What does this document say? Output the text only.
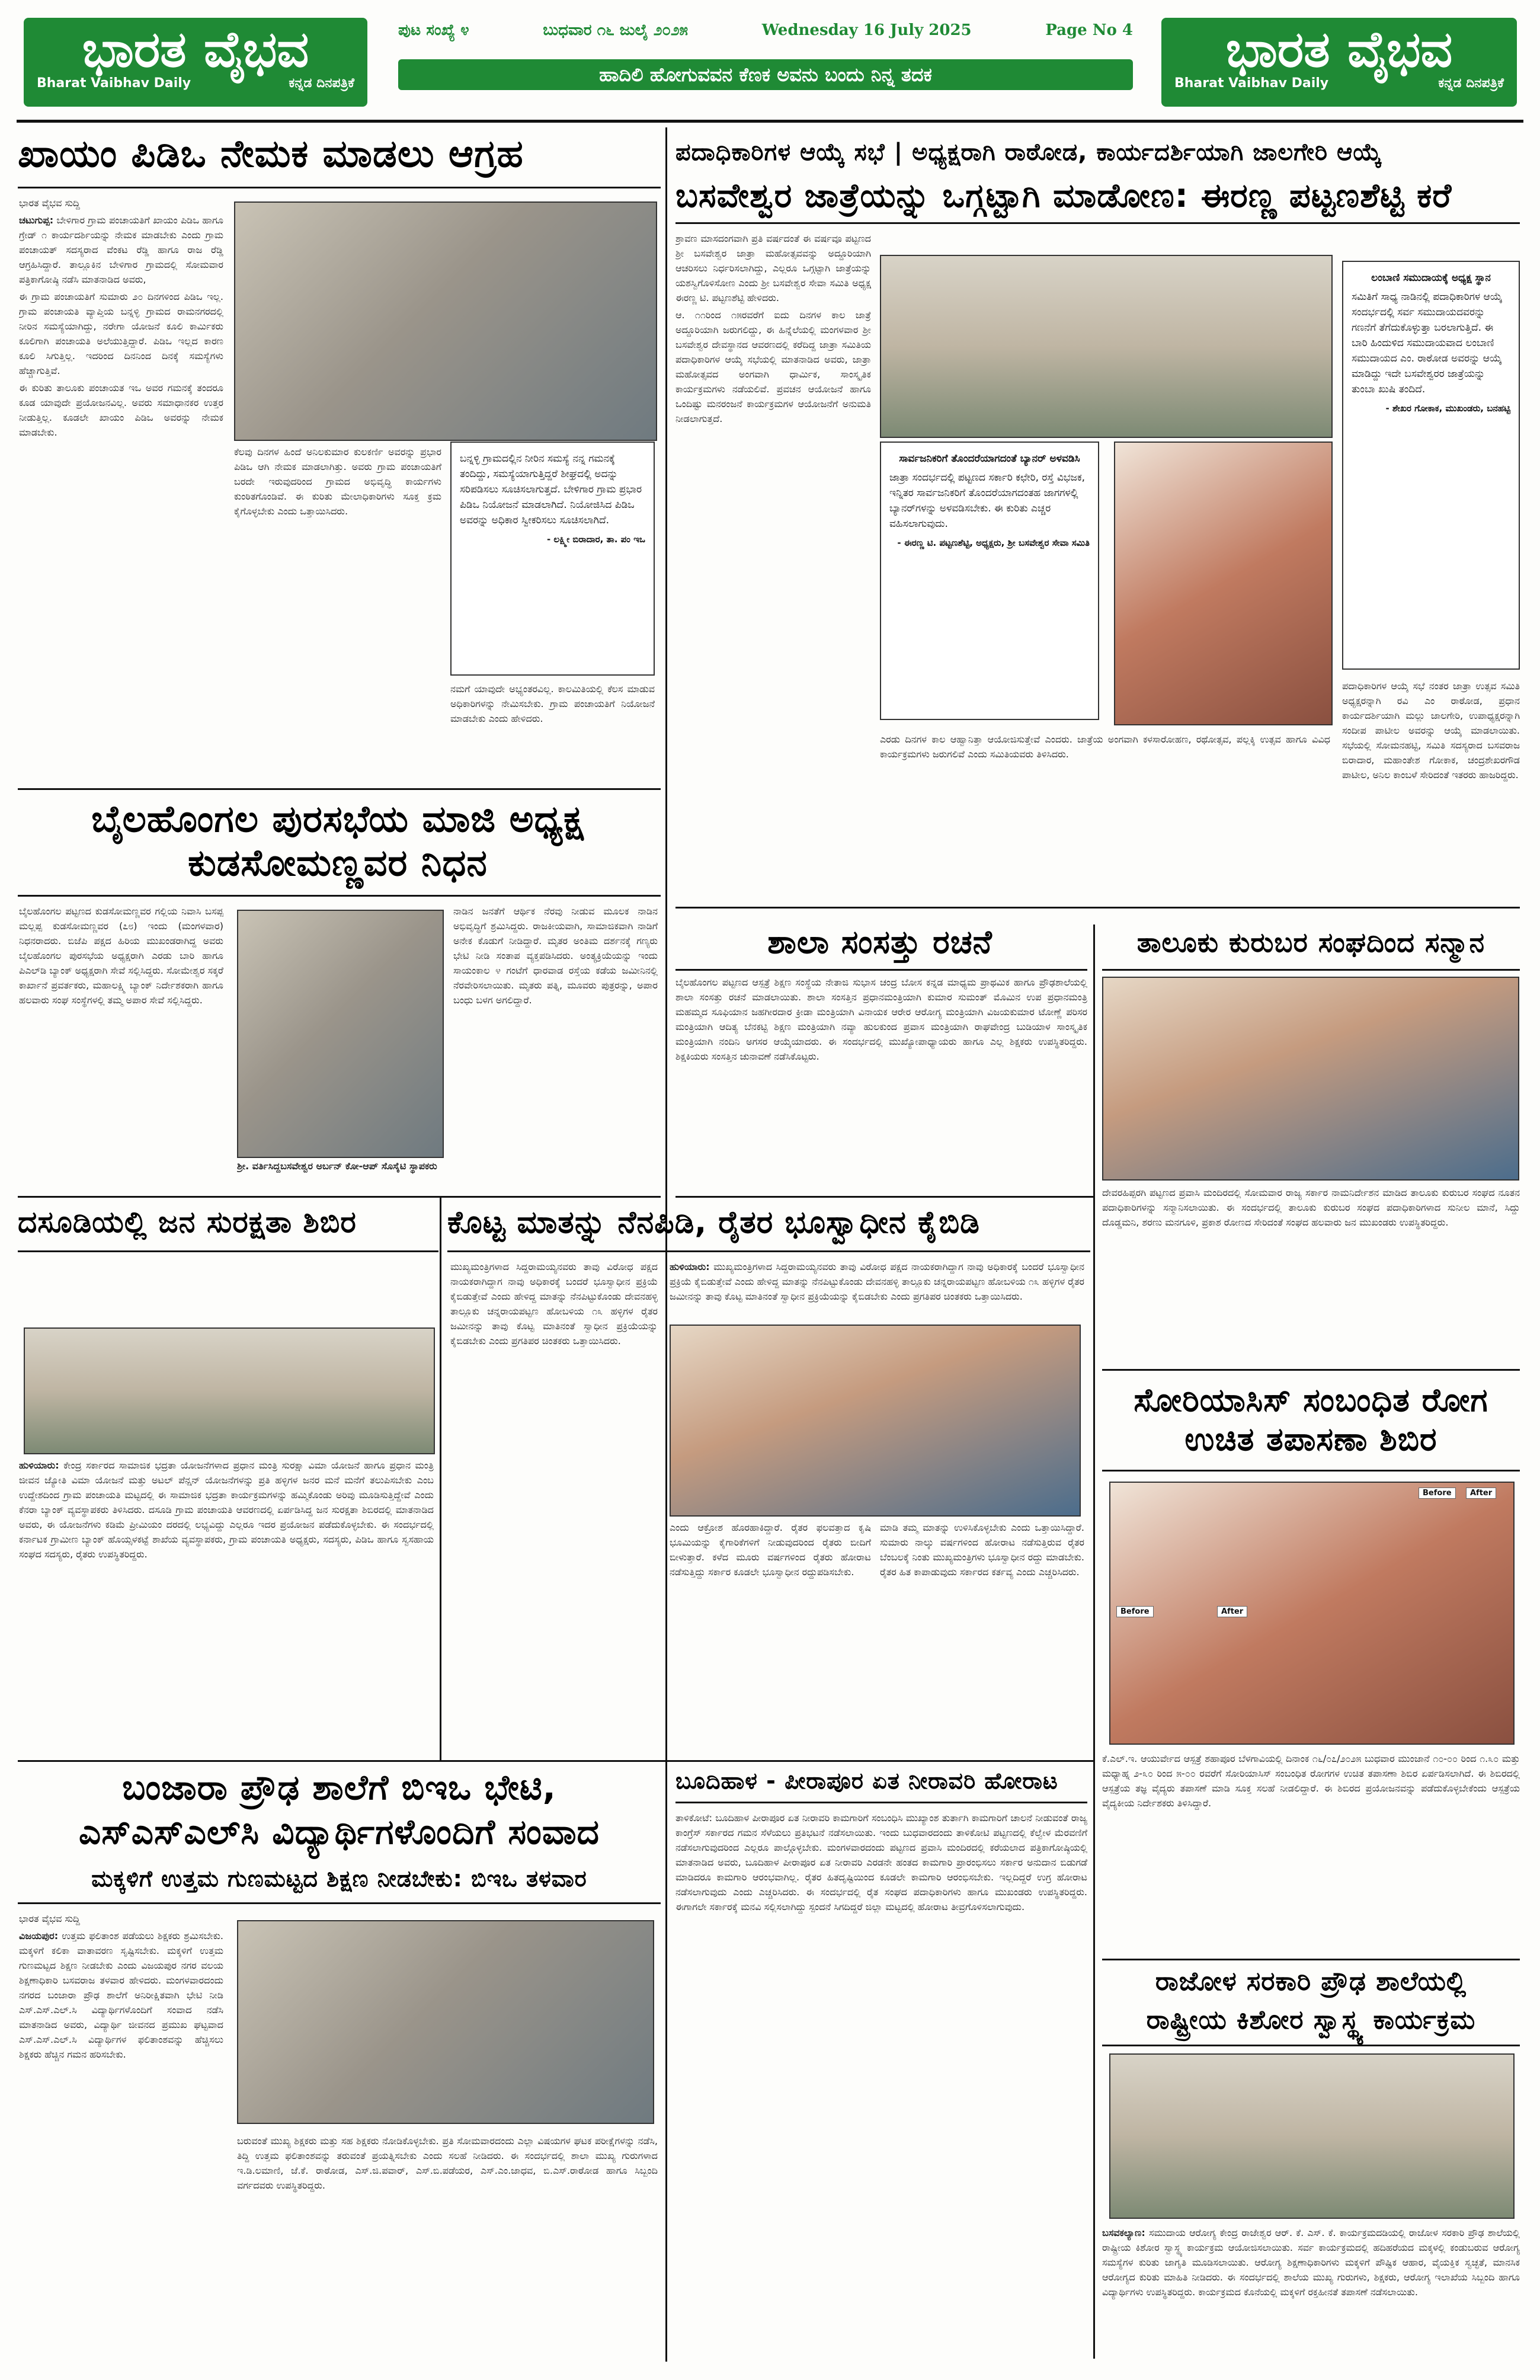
ಭಾರತ ವೈಭವ
Bharat Vaibhav Daily	ಕನ್ನಡ ದಿನಪತ್ರಿಕೆ
ಭಾರತ ವೈಭವ
Bharat Vaibhav Daily	ಕನ್ನಡ ದಿನಪತ್ರಿಕೆ
ಪುಟ ಸಂಖ್ಯೆ ೪	ಬುಧವಾರ ೧೬ ಜುಲೈ ೨೦೨೫	Wednesday 16 July 2025	Page No 4
ಹಾದಿಲಿ ಹೋಗುವವನ ಕೆಣಕ ಅವನು ಬಂದು ನಿನ್ನ ತದಕ
ಖಾಯಂ ಪಿಡಿಒ ನೇಮಕ ಮಾಡಲು ಆಗ್ರಹ

ಭಾರತ ವೈಭವ ಸುದ್ದಿ

ಚಟುಗುಪ್ಪ: ಬೇಳಿಗಾರ ಗ್ರಾಮ ಪಂಚಾಯತಿಗೆ ಖಾಯಂ ಪಿಡಿಒ ಹಾಗೂ ಗ್ರೇಡ್ ೧ ಕಾರ್ಯದರ್ಶಿಯನ್ನು ನೇಮಕ ಮಾಡಬೇಕು ಎಂದು ಗ್ರಾಮ ಪಂಚಾಯತ್ ಸದಸ್ಯರಾದ ವೆಂಕಟ ರೆಡ್ಡಿ ಹಾಗೂ ರಾಜ ರೆಡ್ಡಿ ಆಗ್ರಹಿಸಿದ್ದಾರೆ. ತಾಲ್ಲೂಕಿನ ಬೇಳಿಗಾರ ಗ್ರಾಮದಲ್ಲಿ ಸೋಮವಾರ ಪತ್ರಿಕಾಗೋಷ್ಠಿ ನಡೆಸಿ ಮಾತನಾಡಿದ ಅವರು,

ಈ ಗ್ರಾಮ ಪಂಚಾಯತಿಗೆ ಸುಮಾರು ೨೦ ದಿನಗಳಿಂದ ಪಿಡಿಒ ಇಲ್ಲ. ಗ್ರಾಮ ಪಂಚಾಯತಿ ವ್ಯಾಪ್ತಿಯ ಬನ್ನಳ್ಳಿ ಗ್ರಾಮದ ರಾಮನಗರದಲ್ಲಿ ನೀರಿನ ಸಮಸ್ಯೆಯಾಗಿದ್ದು, ನರೇಗಾ ಯೋಜನೆ ಕೂಲಿ ಕಾರ್ಮಿಕರು ಕೂಲಿಗಾಗಿ ಪಂಚಾಯತಿ ಅಲೆಯುತ್ತಿದ್ದಾರೆ. ಪಿಡಿಒ ಇಲ್ಲದ ಕಾರಣ ಕೂಲಿ ಸಿಗುತ್ತಿಲ್ಲ. ಇದರಿಂದ ದಿನನಿಂದ ದಿನಕ್ಕೆ ಸಮಸ್ಯೆಗಳು ಹೆಚ್ಚಾಗುತ್ತಿವೆ.

ಈ ಕುರಿತು ತಾಲೂಕು ಪಂಚಾಯತ ಇಒ ಅವರ ಗಮನಕ್ಕೆ ತಂದರೂ ಕೂಡ ಯಾವುದೇ ಪ್ರಯೋಜನವಿಲ್ಲ. ಅವರು ಸಮಾಧಾನಕರ ಉತ್ತರ ನೀಡುತ್ತಿಲ್ಲ. ಕೂಡಲೇ ಖಾಯಂ ಪಿಡಿಒ ಅವರನ್ನು ನೇಮಕ ಮಾಡಬೇಕು.

ಕೆಲವು ದಿನಗಳ ಹಿಂದೆ ಅನಿಲಕುಮಾರ ಕುಲಕರ್ಣಿ ಅವರನ್ನು ಪ್ರಭಾರ ಪಿಡಿಒ ಆಗಿ ನೇಮಕ ಮಾಡಲಾಗಿತ್ತು. ಅವರು ಗ್ರಾಮ ಪಂಚಾಯತಿಗೆ ಬರದೇ ಇರುವುದರಿಂದ ಗ್ರಾಮದ ಅಭಿವೃದ್ಧಿ ಕಾರ್ಯಗಳು ಕುಂಠಿತಗೊಂಡಿವೆ. ಈ ಕುರಿತು ಮೇಲಾಧಿಕಾರಿಗಳು ಸೂಕ್ತ ಕ್ರಮ ಕೈಗೊಳ್ಳಬೇಕು ಎಂದು ಒತ್ತಾಯಿಸಿದರು.
ಬನ್ನಳ್ಳಿ ಗ್ರಾಮದಲ್ಲಿನ ನೀರಿನ ಸಮಸ್ಯೆ ನನ್ನ ಗಮನಕ್ಕೆ ತಂದಿದ್ದು, ಸಮಸ್ಯೆಯಾಗುತ್ತಿದ್ದರೆ ಶೀಘ್ರದಲ್ಲಿ ಅದನ್ನು ಸರಿಪಡಿಸಲು ಸೂಚಿಸಲಾಗುತ್ತದೆ. ಬೇಳಿಗಾರ ಗ್ರಾಮ ಪ್ರಭಾರ ಪಿಡಿಒ ನಿಯೋಜನೆ ಮಾಡಲಾಗಿದೆ. ನಿಯೋಜಿಸಿದ ಪಿಡಿಒ ಅವರನ್ನು ಅಧಿಕಾರ ಸ್ವೀಕರಿಸಲು ಸೂಚಿಸಲಾಗಿದೆ.
- ಲಕ್ಷ್ಮೀ ಬಿರಾದಾರ, ತಾ. ಪಂ ಇಒ
ನಮಗೆ ಯಾವುದೇ ಅಭ್ಯಂತರವಿಲ್ಲ. ಕಾಲಮಿತಿಯಲ್ಲಿ ಕೆಲಸ ಮಾಡುವ ಅಧಿಕಾರಿಗಳನ್ನು ನೇಮಿಸಬೇಕು. ಗ್ರಾಮ ಪಂಚಾಯತಿಗೆ ನಿಯೋಜನೆ ಮಾಡಬೇಕು ಎಂದು ಹೇಳಿದರು.
ಪದಾಧಿಕಾರಿಗಳ ಆಯ್ಕೆ ಸಭೆ | ಅಧ್ಯಕ್ಷರಾಗಿ ರಾಠೋಡ, ಕಾರ್ಯದರ್ಶಿಯಾಗಿ ಜಾಲಗೇರಿ ಆಯ್ಕೆ
ಬಸವೇಶ್ವರ ಜಾತ್ರೆಯನ್ನು ಒಗ್ಗಟ್ಟಾಗಿ ಮಾಡೋಣ: ಈರಣ್ಣ ಪಟ್ಟಣಶೆಟ್ಟಿ ಕರೆ

ಶ್ರಾವಣ ಮಾಸದಂಗವಾಗಿ ಪ್ರತಿ ವರ್ಷದಂತೆ ಈ ವರ್ಷವೂ ಪಟ್ಟಣದ ಶ್ರೀ ಬಸವೇಶ್ವರ ಜಾತ್ರಾ ಮಹೋತ್ಸವವನ್ನು ಅದ್ದೂರಿಯಾಗಿ ಆಚರಿಸಲು ನಿರ್ಧರಿಸಲಾಗಿದ್ದು, ಎಲ್ಲರೂ ಒಗ್ಗಟ್ಟಾಗಿ ಜಾತ್ರೆಯನ್ನು ಯಶಸ್ವಿಗೊಳಿಸೋಣ ಎಂದು ಶ್ರೀ ಬಸವೇಶ್ವರ ಸೇವಾ ಸಮಿತಿ ಅಧ್ಯಕ್ಷ ಈರಣ್ಣ ಟಿ. ಪಟ್ಟಣಶೆಟ್ಟಿ ಹೇಳಿದರು.

ಆ. ೧೧ರಿಂದ ೧೫ರವರೆಗೆ ಐದು ದಿನಗಳ ಕಾಲ ಜಾತ್ರೆ ಅದ್ದೂರಿಯಾಗಿ ಜರುಗಲಿದ್ದು, ಈ ಹಿನ್ನೆಲೆಯಲ್ಲಿ ಮಂಗಳವಾರ ಶ್ರೀ ಬಸವೇಶ್ವರ ದೇವಸ್ಥಾನದ ಆವರಣದಲ್ಲಿ ಕರೆದಿದ್ದ ಜಾತ್ರಾ ಸಮಿತಿಯ ಪದಾಧಿಕಾರಿಗಳ ಆಯ್ಕೆ ಸಭೆಯಲ್ಲಿ ಮಾತನಾಡಿದ ಅವರು, ಜಾತ್ರಾ ಮಹೋತ್ಸವದ ಅಂಗವಾಗಿ ಧಾರ್ಮಿಕ, ಸಾಂಸ್ಕೃತಿಕ ಕಾರ್ಯಕ್ರಮಗಳು ನಡೆಯಲಿವೆ. ಪ್ರವಚನ ಆಯೋಜನೆ ಹಾಗೂ ಒಂದಿಷ್ಟು ಮನರಂಜನೆ ಕಾರ್ಯಕ್ರಮಗಳ ಆಯೋಜನೆಗೆ ಅನುಮತಿ ನೀಡಲಾಗುತ್ತದೆ.

ಲಂಬಾಣಿ ಸಮುದಾಯಕ್ಕೆ ಅಧ್ಯಕ್ಷ ಸ್ಥಾನ
ಸಮಿತಿಗೆ ಸಾಧ್ಯ ನಾಡಿನಲ್ಲಿ ಪದಾಧಿಕಾರಿಗಳ ಆಯ್ಕೆ ಸಂದರ್ಭದಲ್ಲಿ ಸರ್ವ ಸಮುದಾಯದವರನ್ನು ಗಣನೆಗೆ ತೆಗೆದುಕೊಳ್ಳುತ್ತಾ ಬರಲಾಗುತ್ತಿದೆ. ಈ ಬಾರಿ ಹಿಂದುಳಿದ ಸಮುದಾಯವಾದ ಲಂಬಾಣಿ ಸಮುದಾಯದ ಎಂ. ರಾಠೋಡ ಅವರನ್ನು ಆಯ್ಕೆ ಮಾಡಿದ್ದು ಇದೇ ಬಸವೇಶ್ವರರ ಜಾತ್ರೆಯನ್ನು ತುಂಬಾ ಖುಷಿ ತಂದಿದೆ.
- ಶೇಖರ ಗೋಕಾಕ, ಮುಖಂಡರು, ಬನಹಟ್ಟಿ
ಸಾರ್ವಜನಿಕರಿಗೆ ತೊಂದರೆಯಾಗದಂತೆ ಬ್ಯಾನರ್ ಅಳವಡಿಸಿ
ಜಾತ್ರಾ ಸಂದರ್ಭದಲ್ಲಿ ಪಟ್ಟಣದ ಸರ್ಕಾರಿ ಕಛೇರಿ, ರಸ್ತೆ ವಿಭಜಕ, ಇನ್ನಿತರ ಸಾರ್ವಜನಿಕರಿಗೆ ತೊಂದರೆಯಾಗದಂತಹ ಜಾಗಗಳಲ್ಲಿ ಬ್ಯಾನರ್‌ಗಳನ್ನು ಅಳವಡಿಸಬೇಕು. ಈ ಕುರಿತು ಎಚ್ಚರ ವಹಿಸಲಾಗುವುದು.
- ಈರಣ್ಣ ಟಿ. ಪಟ್ಟಣಶೆಟ್ಟಿ, ಅಧ್ಯಕ್ಷರು, ಶ್ರೀ ಬಸವೇಶ್ವರ ಸೇವಾ ಸಮಿತಿ
ಎರಡು ದಿನಗಳ ಕಾಲ ಆಹ್ವಾನಿತ್ತಾ ಆಯೋಜಿಸುತ್ತೇವೆ ಎಂದರು. ಜಾತ್ರೆಯ ಅಂಗವಾಗಿ ಕಳಸಾರೋಹಣ, ರಥೋತ್ಸವ, ಪಲ್ಲಕ್ಕಿ ಉತ್ಸವ ಹಾಗೂ ವಿವಿಧ ಕಾರ್ಯಕ್ರಮಗಳು ಜರುಗಲಿವೆ ಎಂದು ಸಮಿತಿಯವರು ತಿಳಿಸಿದರು.
ಪದಾಧಿಕಾರಿಗಳ ಆಯ್ಕೆ ಸಭೆ ನಂತರ ಜಾತ್ರಾ ಉತ್ಸವ ಸಮಿತಿ ಅಧ್ಯಕ್ಷರನ್ನಾಗಿ ರವಿ ಎಂ ರಾಠೋಡ, ಪ್ರಧಾನ ಕಾರ್ಯದರ್ಶಿಯಾಗಿ ಮಲ್ಲು ಜಾಲಗೇರಿ, ಉಪಾಧ್ಯಕ್ಷರನ್ನಾಗಿ ಸಂದೀಪ ಪಾಟೀಲ ಅವರನ್ನು ಆಯ್ಕೆ ಮಾಡಲಾಯಿತು. ಸಭೆಯಲ್ಲಿ ಸೋಮನಹಟ್ಟಿ, ಸಮಿತಿ ಸದಸ್ಯರಾದ ಬಸವರಾಜ ಬಿರಾದಾರ, ಮಹಾಂತೇಶ ಗೋಕಾಕ, ಚಂದ್ರಶೇಖರಗೌಡ ಪಾಟೀಲ, ಅನಿಲ ಕಾಂಬಳೆ ಸೇರಿದಂತೆ ಇತರರು ಹಾಜರಿದ್ದರು.
ಬೈಲಹೊಂಗಲ ಪುರಸಭೆಯ ಮಾಜಿ ಅಧ್ಯಕ್ಷ ಕುಡಸೋಮಣ್ಣವರ ನಿಧನ
ಬೈಲಹೊಂಗಲ ಪಟ್ಟಣದ ಕುಡಸೋಮಣ್ಣವರ ಗಲ್ಲಿಯ ನಿವಾಸಿ ಬಸಪ್ಪ ಮಲ್ಲಪ್ಪ ಕುಡಸೋಮಣ್ಣವರ (೭೮) ಇಂದು (ಮಂಗಳವಾರ) ನಿಧನರಾದರು. ಬಿಜೆಪಿ ಪಕ್ಷದ ಹಿರಿಯ ಮುಖಂಡರಾಗಿದ್ದ ಅವರು ಬೈಲಹೊಂಗಲ ಪುರಸಭೆಯ ಅಧ್ಯಕ್ಷರಾಗಿ ಎರಡು ಬಾರಿ ಹಾಗೂ ಪಿಎಲ್‌ಡಿ ಬ್ಯಾಂಕ್ ಅಧ್ಯಕ್ಷರಾಗಿ ಸೇವೆ ಸಲ್ಲಿಸಿದ್ದರು. ಸೋಮೇಶ್ವರ ಸಕ್ಕರೆ ಕಾರ್ಖಾನೆ ಪ್ರವರ್ತಕರು, ಮಹಾಲಕ್ಷ್ಮಿ ಬ್ಯಾಂಕ್ ನಿರ್ದೇಶಕರಾಗಿ ಹಾಗೂ ಹಲವಾರು ಸಂಘ ಸಂಸ್ಥೆಗಳಲ್ಲಿ ತಮ್ಮ ಅಪಾರ ಸೇವೆ ಸಲ್ಲಿಸಿದ್ದರು.
ಶ್ರೀ. ವರ್ತಿಸಿದ್ದಬಸವೇಶ್ವರ ಅರ್ಬನ್ ಕೋ-ಆಪ್ ಸೊಸೈಟಿ ಸ್ಥಾಪಕರು
ನಾಡಿನ ಜನತೆಗೆ ಆರ್ಥಿಕ ನೆರವು ನೀಡುವ ಮೂಲಕ ನಾಡಿನ ಅಭಿವೃದ್ಧಿಗೆ ಶ್ರಮಿಸಿದ್ದರು. ರಾಜಕೀಯವಾಗಿ, ಸಾಮಾಜಿಕವಾಗಿ ನಾಡಿಗೆ ಅನೇಕ ಕೊಡುಗೆ ನೀಡಿದ್ದಾರೆ. ಮೃತರ ಅಂತಿಮ ದರ್ಶನಕ್ಕೆ ಗಣ್ಯರು ಭೇಟಿ ನೀಡಿ ಸಂತಾಪ ವ್ಯಕ್ತಪಡಿಸಿದರು. ಅಂತ್ಯಕ್ರಿಯೆಯನ್ನು ಇಂದು ಸಾಯಂಕಾಲ ೪ ಗಂಟೆಗೆ ಧಾರವಾಡ ರಸ್ತೆಯ ಕಡೆಯ ಜಮೀನಿನಲ್ಲಿ ನೆರವೇರಿಸಲಾಯಿತು. ಮೃತರು ಪತ್ನಿ, ಮೂವರು ಪುತ್ರರನ್ನು, ಅಪಾರ ಬಂಧು ಬಳಗ ಅಗಲಿದ್ದಾರೆ.
ಶಾಲಾ ಸಂಸತ್ತು ರಚನೆ
ಬೈಲಹೊಂಗಲ ಪಟ್ಟಣದ ಆಸ್ಪತ್ರೆ ಶಿಕ್ಷಣ ಸಂಸ್ಥೆಯ ನೇತಾಜಿ ಸುಭಾಸ ಚಂದ್ರ ಬೋಸ ಕನ್ನಡ ಮಾಧ್ಯಮ ಪ್ರಾಥಮಿಕ ಹಾಗೂ ಪ್ರೌಢಶಾಲೆಯಲ್ಲಿ ಶಾಲಾ ಸಂಸತ್ತು ರಚನೆ ಮಾಡಲಾಯಿತು. ಶಾಲಾ ಸಂಸತ್ತಿನ ಪ್ರಧಾನಮಂತ್ರಿಯಾಗಿ ಕುಮಾರ ಸುಮಂತ್ ಮೊಮಿನ ಉಪ ಪ್ರಧಾನಮಂತ್ರಿ ಮಹಮ್ಮದ ಸೂಫಿಯಾನ ಜಹಗೀರದಾರ ಕ್ರೀಡಾ ಮಂತ್ರಿಯಾಗಿ ವಿನಾಯಕ ಆರೇರ ಆರೋಗ್ಯ ಮಂತ್ರಿಯಾಗಿ ವಿಜಯಕುಮಾರ ಟೋಣ್ಣೆ ಪರಿಸರ ಮಂತ್ರಿಯಾಗಿ ಆದಿತ್ಯ ಬೆನಕಟ್ಟಿ ಶಿಕ್ಷಣ ಮಂತ್ರಿಯಾಗಿ ನವ್ಯಾ ಹುಲಕುಂದ ಪ್ರವಾಸ ಮಂತ್ರಿಯಾಗಿ ರಾಘವೇಂದ್ರ ಬುಡಿಯಾಳ ಸಾಂಸ್ಕೃತಿಕ ಮಂತ್ರಿಯಾಗಿ ನಂದಿನಿ ಅಗಸರ ಆಯ್ಕೆಯಾದರು. ಈ ಸಂದರ್ಭದಲ್ಲಿ ಮುಖ್ಯೋಪಾಧ್ಯಾಯರು ಹಾಗೂ ಎಲ್ಲ ಶಿಕ್ಷಕರು ಉಪಸ್ಥಿತರಿದ್ದರು. ಶಿಕ್ಷಕಿಯರು ಸಂಸತ್ತಿನ ಚುನಾವಣೆ ನಡೆಸಿಕೊಟ್ಟರು.
ತಾಲೂಕು ಕುರುಬರ ಸಂಘದಿಂದ ಸನ್ಮಾನ
ದೇವರಹಿಪ್ಪರಗಿ ಪಟ್ಟಣದ ಪ್ರವಾಸಿ ಮಂದಿರದಲ್ಲಿ ಸೋಮವಾರ ರಾಜ್ಯ ಸರ್ಕಾರ ನಾಮನಿರ್ದೇಶನ ಮಾಡಿದ ತಾಲೂಕು ಕುರುಬರ ಸಂಘದ ನೂತನ ಪದಾಧಿಕಾರಿಗಳನ್ನು ಸನ್ಮಾನಿಸಲಾಯಿತು. ಈ ಸಂದರ್ಭದಲ್ಲಿ ತಾಲೂಕು ಕುರುಬರ ಸಂಘದ ಪದಾಧಿಕಾರಿಗಳಾದ ಸುನೀಲ ಮಾನೆ, ಸಿದ್ದು ದೊಡ್ಡಮನಿ, ಶರಣು ಮನಗೂಳಿ, ಪ್ರಕಾಶ ರೋಣದ ಸೇರಿದಂತೆ ಸಂಘದ ಹಲವಾರು ಜನ ಮುಖಂಡರು ಉಪಸ್ಥಿತರಿದ್ದರು.
ದಸೂಡಿಯಲ್ಲಿ ಜನ ಸುರಕ್ಷತಾ ಶಿಬಿರ
ಹುಳಿಯಾರು: ಕೇಂದ್ರ ಸರ್ಕಾರದ ಸಾಮಾಜಿಕ ಭದ್ರತಾ ಯೋಜನೆಗಳಾದ ಪ್ರಧಾನ ಮಂತ್ರಿ ಸುರಕ್ಷಾ ವಿಮಾ ಯೋಜನೆ ಹಾಗೂ ಪ್ರಧಾನ ಮಂತ್ರಿ ಜೀವನ ಜ್ಯೋತಿ ವಿಮಾ ಯೋಜನೆ ಮತ್ತು ಅಟಲ್ ಪೆನ್ಷನ್ ಯೋಜನೆಗಳನ್ನು ಪ್ರತಿ ಹಳ್ಳಿಗಳ ಜನರ ಮನೆ ಮನೆಗೆ ತಲುಪಿಸಬೇಕು ಎಂಬ ಉದ್ದೇಶದಿಂದ ಗ್ರಾಮ ಪಂಚಾಯತಿ ಮಟ್ಟದಲ್ಲಿ ಈ ಸಾಮಾಜಿಕ ಭದ್ರತಾ ಕಾರ್ಯಕ್ರಮಗಳನ್ನು ಹಮ್ಮಿಕೊಂಡು ಅರಿವು ಮೂಡಿಸುತ್ತಿದ್ದೇವೆ ಎಂದು ಕೆನರಾ ಬ್ಯಾಂಕ್ ವ್ಯವಸ್ಥಾಪಕರು ತಿಳಿಸಿದರು. ದಸೂಡಿ ಗ್ರಾಮ ಪಂಚಾಯತಿ ಆವರಣದಲ್ಲಿ ಏರ್ಪಡಿಸಿದ್ದ ಜನ ಸುರಕ್ಷತಾ ಶಿಬಿರದಲ್ಲಿ ಮಾತನಾಡಿದ ಅವರು, ಈ ಯೋಜನೆಗಳು ಕಡಿಮೆ ಪ್ರೀಮಿಯಂ ದರದಲ್ಲಿ ಲಭ್ಯವಿದ್ದು ಎಲ್ಲರೂ ಇದರ ಪ್ರಯೋಜನ ಪಡೆದುಕೊಳ್ಳಬೇಕು. ಈ ಸಂದರ್ಭದಲ್ಲಿ ಕರ್ನಾಟಕ ಗ್ರಾಮೀಣ ಬ್ಯಾಂಕ್ ಹೊಯ್ಸಳಕಟ್ಟೆ ಶಾಖೆಯ ವ್ಯವಸ್ಥಾಪಕರು, ಗ್ರಾಮ ಪಂಚಾಯತಿ ಅಧ್ಯಕ್ಷರು, ಸದಸ್ಯರು, ಪಿಡಿಒ ಹಾಗೂ ಸ್ವಸಹಾಯ ಸಂಘದ ಸದಸ್ಯರು, ರೈತರು ಉಪಸ್ಥಿತರಿದ್ದರು.
ಕೊಟ್ಟ ಮಾತನ್ನು ನೆನಪಿಡಿ, ರೈತರ ಭೂಸ್ವಾಧೀನ ಕೈಬಿಡಿ
ಹುಳಿಯಾರು: ಮುಖ್ಯಮಂತ್ರಿಗಳಾದ ಸಿದ್ದರಾಮಯ್ಯನವರು ತಾವು ವಿರೋಧ ಪಕ್ಷದ ನಾಯಕರಾಗಿದ್ದಾಗ ನಾವು ಅಧಿಕಾರಕ್ಕೆ ಬಂದರೆ ಭೂಸ್ವಾಧೀನ ಪ್ರಕ್ರಿಯೆ ಕೈಬಿಡುತ್ತೇವೆ ಎಂದು ಹೇಳಿದ್ದ ಮಾತನ್ನು ನೆನಪಿಟ್ಟುಕೊಂಡು ದೇವನಹಳ್ಳಿ ತಾಲ್ಲೂಕು ಚನ್ನರಾಯಪಟ್ಟಣ ಹೋಬಳಿಯ ೧೩ ಹಳ್ಳಿಗಳ ರೈತರ ಜಮೀನನ್ನು ತಾವು ಕೊಟ್ಟ ಮಾತಿನಂತೆ ಸ್ವಾಧೀನ ಪ್ರಕ್ರಿಯೆಯನ್ನು ಕೈಬಿಡಬೇಕು ಎಂದು ಪ್ರಗತಿಪರ ಚಿಂತಕರು ಒತ್ತಾಯಿಸಿದರು.
ಎಂದು ಆಕ್ರೋಶ ಹೊರಹಾಕಿದ್ದಾರೆ. ರೈತರ ಫಲವತ್ತಾದ ಕೃಷಿ ಭೂಮಿಯನ್ನು ಕೈಗಾರಿಕೆಗಳಿಗೆ ನೀಡುವುದರಿಂದ ರೈತರು ಬೀದಿಗೆ ಬೀಳುತ್ತಾರೆ. ಕಳೆದ ಮೂರು ವರ್ಷಗಳಿಂದ ರೈತರು ಹೋರಾಟ ನಡೆಸುತ್ತಿದ್ದು ಸರ್ಕಾರ ಕೂಡಲೇ ಭೂಸ್ವಾಧೀನ ರದ್ದುಪಡಿಸಬೇಕು.
ಮಾಡಿ ತಮ್ಮ ಮಾತನ್ನು ಉಳಿಸಿಕೊಳ್ಳಬೇಕು ಎಂದು ಒತ್ತಾಯಿಸಿದ್ದಾರೆ. ಸುಮಾರು ನಾಲ್ಕು ವರ್ಷಗಳಿಂದ ಹೋರಾಟ ನಡೆಸುತ್ತಿರುವ ರೈತರ ಬೆಂಬಲಕ್ಕೆ ನಿಂತು ಮುಖ್ಯಮಂತ್ರಿಗಳು ಭೂಸ್ವಾಧೀನ ರದ್ದು ಮಾಡಬೇಕು. ರೈತರ ಹಿತ ಕಾಪಾಡುವುದು ಸರ್ಕಾರದ ಕರ್ತವ್ಯ ಎಂದು ಎಚ್ಚರಿಸಿದರು.
ಮುಖ್ಯಮಂತ್ರಿಗಳಾದ ಸಿದ್ದರಾಮಯ್ಯನವರು ತಾವು ವಿರೋಧ ಪಕ್ಷದ ನಾಯಕರಾಗಿದ್ದಾಗ ನಾವು ಅಧಿಕಾರಕ್ಕೆ ಬಂದರೆ ಭೂಸ್ವಾಧೀನ ಪ್ರಕ್ರಿಯೆ ಕೈಬಿಡುತ್ತೇವೆ ಎಂದು ಹೇಳಿದ್ದ ಮಾತನ್ನು ನೆನಪಿಟ್ಟುಕೊಂಡು ದೇವನಹಳ್ಳಿ ತಾಲ್ಲೂಕು ಚನ್ನರಾಯಪಟ್ಟಣ ಹೋಬಳಿಯ ೧೩ ಹಳ್ಳಿಗಳ ರೈತರ ಜಮೀನನ್ನು ತಾವು ಕೊಟ್ಟ ಮಾತಿನಂತೆ ಸ್ವಾಧೀನ ಪ್ರಕ್ರಿಯೆಯನ್ನು ಕೈಬಿಡಬೇಕು ಎಂದು ಪ್ರಗತಿಪರ ಚಿಂತಕರು ಒತ್ತಾಯಿಸಿದರು.
ಸೋರಿಯಾಸಿಸ್ ಸಂಬಂಧಿತ ರೋಗ ಉಚಿತ ತಪಾಸಣಾ ಶಿಬಿರ
Before	After
Before	After
ಕೆ.ಎಲ್.ಇ. ಆಯುರ್ವೇದ ಆಸ್ಪತ್ರೆ ಶಹಾಪೂರ ಬೆಳಗಾವಿಯಲ್ಲಿ ದಿನಾಂಕ ೧೬/೦೭/೨೦೨೫ ಬುಧವಾರ ಮುಂಜಾನೆ ೧೦-೦೦ ರಿಂದ ೧.೩೦ ಮತ್ತು ಮಧ್ಯಾಹ್ನ ೨-೩೦ ರಿಂದ ೫-೦೦ ರವರೆಗೆ ಸೋರಿಯಾಸಿಸ್ ಸಂಬಂಧಿತ ರೋಗಗಳ ಉಚಿತ ತಪಾಸಣಾ ಶಿಬಿರ ಏರ್ಪಡಿಸಲಾಗಿದೆ. ಈ ಶಿಬಿರದಲ್ಲಿ ಆಸ್ಪತ್ರೆಯ ತಜ್ಞ ವೈದ್ಯರು ತಪಾಸಣೆ ಮಾಡಿ ಸೂಕ್ತ ಸಲಹೆ ನೀಡಲಿದ್ದಾರೆ. ಈ ಶಿಬಿರದ ಪ್ರಯೋಜನವನ್ನು ಪಡೆದುಕೊಳ್ಳಬೇಕೆಂದು ಆಸ್ಪತ್ರೆಯ ವೈದ್ಯಕೀಯ ನಿರ್ದೇಶಕರು ತಿಳಿಸಿದ್ದಾರೆ.
ಬಂಜಾರಾ ಪ್ರೌಢ ಶಾಲೆಗೆ ಬಿಇಒ ಭೇಟಿ,
ಎಸ್‌ಎಸ್‌ಎಲ್‌ಸಿ ವಿದ್ಯಾರ್ಥಿಗಳೊಂದಿಗೆ ಸಂವಾದ
ಮಕ್ಕಳಿಗೆ ಉತ್ತಮ ಗುಣಮಟ್ಟದ ಶಿಕ್ಷಣ ನೀಡಬೇಕು: ಬಿಇಒ ತಳವಾರ

ಭಾರತ ವೈಭವ ಸುದ್ದಿ

ವಿಜಯಪುರ: ಉತ್ತಮ ಫಲಿತಾಂಶ ಪಡೆಯಲು ಶಿಕ್ಷಕರು ಶ್ರಮಿಸಬೇಕು. ಮಕ್ಕಳಿಗೆ ಕಲಿಕಾ ವಾತಾವರಣ ಸೃಷ್ಟಿಸಬೇಕು. ಮಕ್ಕಳಿಗೆ ಉತ್ತಮ ಗುಣಮಟ್ಟದ ಶಿಕ್ಷಣ ನೀಡಬೇಕು ಎಂದು ವಿಜಯಪುರ ನಗರ ವಲಯ ಶಿಕ್ಷಣಾಧಿಕಾರಿ ಬಸವರಾಜ ತಳವಾರ ಹೇಳಿದರು. ಮಂಗಳವಾರದಂದು ನಗರದ ಬಂಜಾರಾ ಪ್ರೌಢ ಶಾಲೆಗೆ ಅನಿರೀಕ್ಷಿತವಾಗಿ ಭೇಟಿ ನೀಡಿ ಎಸ್.ಎಸ್.ಎಲ್.ಸಿ ವಿದ್ಯಾರ್ಥಿಗಳೊಂದಿಗೆ ಸಂವಾದ ನಡೆಸಿ ಮಾತನಾಡಿದ ಅವರು, ವಿದ್ಯಾರ್ಥಿ ಜೀವನದ ಪ್ರಮುಖ ಘಟ್ಟವಾದ ಎಸ್.ಎಸ್.ಎಲ್.ಸಿ ವಿದ್ಯಾರ್ಥಿಗಳ ಫಲಿತಾಂಶವನ್ನು ಹೆಚ್ಚಿಸಲು ಶಿಕ್ಷಕರು ಹೆಚ್ಚಿನ ಗಮನ ಹರಿಸಬೇಕು.

ಬರುವಂತೆ ಮುಖ್ಯ ಶಿಕ್ಷಕರು ಮತ್ತು ಸಹ ಶಿಕ್ಷಕರು ನೋಡಿಕೊಳ್ಳಬೇಕು. ಪ್ರತಿ ಸೋಮವಾರದಂದು ಎಲ್ಲಾ ವಿಷಯಗಳ ಘಟಕ ಪರೀಕ್ಷೆಗಳನ್ನು ನಡೆಸಿ, ತಿದ್ದಿ ಉತ್ತಮ ಫಲಿತಾಂಶವನ್ನು ತರುವಂತೆ ಪ್ರಯತ್ನಿಸಬೇಕು ಎಂದು ಸಲಹೆ ನೀಡಿದರು. ಈ ಸಂದರ್ಭದಲ್ಲಿ ಶಾಲಾ ಮುಖ್ಯ ಗುರುಗಳಾದ ಇ.ಡಿ.ಲಮಾಣಿ, ಜೆ.ಕೆ. ರಾಠೋಡ, ಎಸ್.ಜಿ.ಪವಾರ್, ಎಸ್.ಬಿ.ಪಡೆಯರ, ಎಸ್.ಎಂ.ಜಾಧವ, ಬಿ.ಎಸ್.ರಾಠೋಡ ಹಾಗೂ ಸಿಬ್ಬಂದಿ ವರ್ಗದವರು ಉಪಸ್ಥಿತರಿದ್ದರು.
ಬೂದಿಹಾಳ - ಪೀರಾಪೂರ ಏತ ನೀರಾವರಿ ಹೋರಾಟ
ತಾಳಿಕೋಟೆ: ಬೂದಿಹಾಳ ಪೀರಾಪೂರ ಏತ ನೀರಾವರಿ ಕಾಮಗಾರಿಗೆ ಸಂಬಂಧಿಸಿ ಮುಖ್ಯಾಂಶ ತುರ್ತಾಗಿ ಕಾಮಗಾರಿಗೆ ಚಾಲನೆ ನೀಡುವಂತೆ ರಾಜ್ಯ ಕಾಂಗ್ರೆಸ್ ಸರ್ಕಾರದ ಗಮನ ಸೆಳೆಯಲು ಪ್ರತಿಭಟನೆ ನಡೆಸಲಾಯಿತು. ಇಂದು ಬುಧವಾರದಂದು ತಾಳಿಕೋಟಿ ಪಟ್ಟಣದಲ್ಲಿ ಕೆಲ್ವೇಳ ಮೆರವಣಿಗೆ ನಡೆಸಲಾಗುವುದರಿಂದ ಎಲ್ಲರೂ ಪಾಲ್ಗೊಳ್ಳಬೇಕು. ಮಂಗಳವಾರದಂದು ಪಟ್ಟಣದ ಪ್ರವಾಸಿ ಮಂದಿರದಲ್ಲಿ ಕರೆಯಲಾದ ಪತ್ರಿಕಾಗೋಷ್ಠಿಯಲ್ಲಿ ಮಾತನಾಡಿದ ಅವರು, ಬೂದಿಹಾಳ ಪೀರಾಪೂರ ಏತ ನೀರಾವರಿ ಎರಡನೇ ಹಂತದ ಕಾಮಗಾರಿ ಪ್ರಾರಂಭಿಸಲು ಸರ್ಕಾರ ಅನುದಾನ ಬಿಡುಗಡೆ ಮಾಡಿದರೂ ಕಾಮಗಾರಿ ಆರಂಭವಾಗಿಲ್ಲ. ರೈತರ ಹಿತದೃಷ್ಟಿಯಿಂದ ಕೂಡಲೇ ಕಾಮಗಾರಿ ಆರಂಭಿಸಬೇಕು. ಇಲ್ಲದಿದ್ದರೆ ಉಗ್ರ ಹೋರಾಟ ನಡೆಸಲಾಗುವುದು ಎಂದು ಎಚ್ಚರಿಸಿದರು. ಈ ಸಂದರ್ಭದಲ್ಲಿ ರೈತ ಸಂಘದ ಪದಾಧಿಕಾರಿಗಳು ಹಾಗೂ ಮುಖಂಡರು ಉಪಸ್ಥಿತರಿದ್ದರು. ಈಗಾಗಲೇ ಸರ್ಕಾರಕ್ಕೆ ಮನವಿ ಸಲ್ಲಿಸಲಾಗಿದ್ದು ಸ್ಪಂದನೆ ಸಿಗದಿದ್ದರೆ ಜಿಲ್ಲಾ ಮಟ್ಟದಲ್ಲಿ ಹೋರಾಟ ತೀವ್ರಗೊಳಿಸಲಾಗುವುದು.
ರಾಜೋಳ ಸರಕಾರಿ ಪ್ರೌಢ ಶಾಲೆಯಲ್ಲಿ
ರಾಷ್ಟ್ರೀಯ ಕಿಶೋರ ಸ್ವಾಸ್ಥ್ಯ ಕಾರ್ಯಕ್ರಮ
ಬಸವಕಲ್ಯಾಣ: ಸಮುದಾಯ ಆರೋಗ್ಯ ಕೇಂದ್ರ ರಾಜೇಶ್ವರ ಆರ್. ಕೆ. ಎಸ್. ಕೆ. ಕಾರ್ಯಕ್ರಮದಡಿಯಲ್ಲಿ ರಾಜೋಳ ಸರಕಾರಿ ಪ್ರೌಢ ಶಾಲೆಯಲ್ಲಿ ರಾಷ್ಟ್ರೀಯ ಕಿಶೋರ ಸ್ವಾಸ್ಥ್ಯ ಕಾರ್ಯಕ್ರಮ ಆಯೋಜಿಸಲಾಯಿತು. ಸರ್ವ ಕಾರ್ಯಕ್ರಮದಲ್ಲಿ ಹದಿಹರೆಯದ ಮಕ್ಕಳಲ್ಲಿ ಕಂಡುಬರುವ ಆರೋಗ್ಯ ಸಮಸ್ಯೆಗಳ ಕುರಿತು ಜಾಗೃತಿ ಮೂಡಿಸಲಾಯಿತು. ಆರೋಗ್ಯ ಶಿಕ್ಷಣಾಧಿಕಾರಿಗಳು ಮಕ್ಕಳಿಗೆ ಪೌಷ್ಟಿಕ ಆಹಾರ, ವೈಯಕ್ತಿಕ ಸ್ವಚ್ಛತೆ, ಮಾನಸಿಕ ಆರೋಗ್ಯದ ಕುರಿತು ಮಾಹಿತಿ ನೀಡಿದರು. ಈ ಸಂದರ್ಭದಲ್ಲಿ ಶಾಲೆಯ ಮುಖ್ಯ ಗುರುಗಳು, ಶಿಕ್ಷಕರು, ಆರೋಗ್ಯ ಇಲಾಖೆಯ ಸಿಬ್ಬಂದಿ ಹಾಗೂ ವಿದ್ಯಾರ್ಥಿಗಳು ಉಪಸ್ಥಿತರಿದ್ದರು. ಕಾರ್ಯಕ್ರಮದ ಕೊನೆಯಲ್ಲಿ ಮಕ್ಕಳಿಗೆ ರಕ್ತಹೀನತೆ ತಪಾಸಣೆ ನಡೆಸಲಾಯಿತು.
